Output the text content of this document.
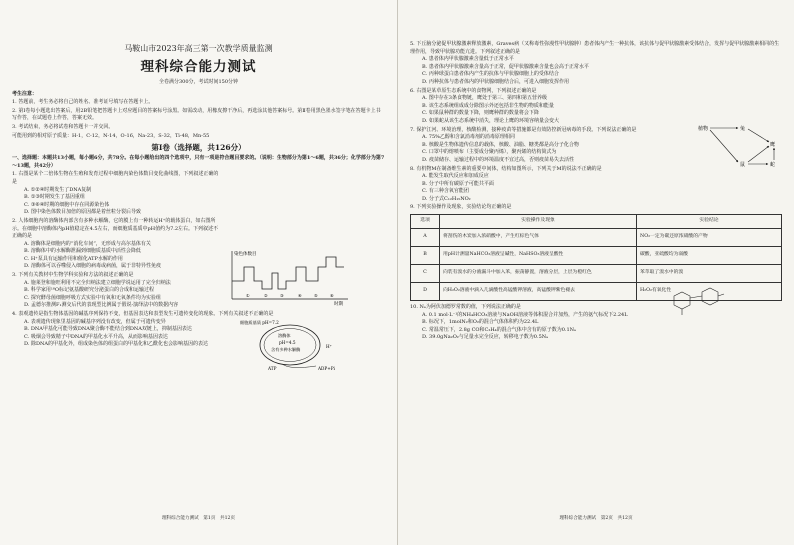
马鞍山市2023年高三第一次教学质量监测
理科综合能力测试
全卷满分300分，考试时间150分钟
考生注意：
1. 答题前，考生务必将自己的姓名、准考证号填写在答题卡上。
2. 第Ⅰ卷每小题选出答案后，用2B铅笔把答题卡上对应题目的答案标号涂黑。如需改动，用橡皮擦干净后，再选涂其他答案标号。第Ⅱ卷用黑色墨水签字笔在答题卡上书写作答，在试题卷上作答，答案无效。
3. 考试结束，务必将试卷和答题卡一并交回。
可能用到的相对原子质量：H-1，C-12，N-14，O-16，Na-23，S-32，Ti-48，Mn-55
第Ⅰ卷（选择题，共126分）
一、选择题：本题共13小题，每小题6分，共78分。在每小题给出的四个选项中，只有一项是符合题目要求的。（说明：生物部分为第1～6题，共36分；化学部分为第7～13题，共42分）
1. 右图是某个二倍体生物在生殖和发育过程中细胞内染色体数目变化曲线图，下列叙述正确的是
A. ①②④时期发生了DNA复制
B. ①③时期发生了基因重组
C. ③⑥④时期的细胞中存在同源染色体
D. 图中染色体数目加倍的原因都是着丝粒分裂后导致
2. 人体细胞内的溶酶体内部含有多种水解酶，它的膜上有一种转运H⁺的载体蛋白，如右图所示。在细胞中溶酶体内pH值稳定在4.5左右，而细胞质基质中pH值约为7.2左右。下列叙述不正确的是
A. 溶酶体是细胞内的“消化车间”，无形成与高尔基体有关
B. 溶酶体中的水解酶泄漏到细胞质基质中活性会降低
C. H⁺泵具有运输作用和催化ATP水解的作用
D. 溶酶体可以吞噬侵入细胞的病毒或病菌，属于非特异性免疫
3. 下列有关教材中生物学科实验和方法的叙述正确的是
A. 施莱登和施旺利用不完全归纳法建立细胞学说运用了完全归纳法
B. 科学家用¹⁸O标记氨基酸研究分泌蛋白的合成和运输过程
C. 探究酵母菌细胞呼吸方式实验中有氧和无氧条件均为实验组
D. 孟德尔推测F₁测交后代的表现型比例属于假说-演绎法中的数据内容
4. 表观遗传是指生物体基因的碱基序列保持不变，但基因表达和表型发生可遗传变化的现象。下列有关叙述不正确的是
A. 表观遗传现象里基因的碱基序列没有改变，但属于可遗传变异
B. DNA甲基化可能导致DNA聚合酶不能结合到DNA双链上，抑制基因表达
C. 吸烟会导致精子中DNA的甲基化水平升高，从而影响基因表达
D. 除DNA的甲基化外，组成染色体的组蛋白的甲基化和乙酰化也会影响基因的表达
染色体数目
时期
①	②	③	④	⑤	⑥
溶酶体
pH=4.5
含有多种水解酶
细胞质基质 pH=7.2
ATP	ADP+Pi
H⁺
理科综合能力测试　第1页　共12页
5. 下丘脑分泌促甲状腺激素释放激素，Graves病（又称毒性弥漫性甲状腺肿）患者体内产生一种抗体，该抗体与促甲状腺激素受体结合，发挥与促甲状腺激素相同的生理作用，导致甲状腺功能亢进。下列叙述正确的是
A. 患者体内甲状腺激素含量低于正常水平
B. 患者体内甲状腺激素含量高于正常，促甲状腺激素含量也会高于正常水平
C. 丙种球蛋白患者体内产生的抗体与甲状腺细胞上的受体结合
D. 丙种抗体与患者体内的甲状腺细胞结合后，可进入细胞发挥作用
6. 右图是某草原生态系统中的食物网，下列叙述正确的是
A. 图中存在3条食物链，鹰处于第三、第四和第五营养级
B. 该生态系统组成成分除图示外还包括非生物的物质和能量
C. 如果鼠种群的数量下降，则鹰种群的数量将会下降
D. 如果蛇从该生态系统中消失，理论上鹰的环境容纳量会变大
7. 保护江河、环境治理，核酸检测，接种疫苗等措施都是有效防控新冠病毒的手段。下列说法正确的是
A. 75%乙醇和含氯消毒剂的消毒原理相同
B. 核酸是生物体遗传信息的载体，核酸、油脂、糖类都是高分子化合物
C. 口罩中的熔喷布（主要成分聚丙烯），聚丙烯的结构简式为
D. 疫苗储存、运输过程中的环境温度不宜过高，否则疫苗易失去活性
8. 有机物M在制备维生素的重要中间体，结构如图所示，下列关于M的说法不正确的是
A. 能发生取代反应和加成反应
B. 分子中所有碳原子可能共平面
C. 有三种含氧官能团
D. 分子式C₁₂H₁₅NO₂
9. 下列实验操作及现象，实验结论均正确的是
选项	实验操作及现象	实验结论
A	将刮伤的木炭加入浓硝酸中，产生红棕色气体	NO₂一定为碳还原浓硝酸的产物
B	用pH计测量NaHCO₃溶液呈碱性，NaHSO₃溶液呈酸性	碳酸，亚硫酸均为弱酸
C	向装有溴水的分液漏斗中加入苯，振荡静置，溶液分层，上层为橙红色	苯萃取了溴水中的溴
D	向H₂O₂溶液中滴入几滴酸性高锰酸钾溶液，高锰酸钾紫色褪去	H₂O₂有氧化性
10. Nₐ为阿伏加德罗常数的值，下列说法正确的是
A. 0.1 mol·L⁻¹的NH₄HCO₃溶液与NaOH溶液等体积混合并加热，产生的氨气标况下2.24L
B. 标况下，1molN₂和O₂的混合气体体积约为22.4L
C. 常温常压下，2.8g CO和C₂H₄的混合气体中含有的原子数为0.1Nₐ
D. 39.0gNa₂O₂与足量水完全反应，转移电子数为0.5Nₐ
植物	兔
鹰
鼠	蛇
理科综合能力测试　第2页　共12页
